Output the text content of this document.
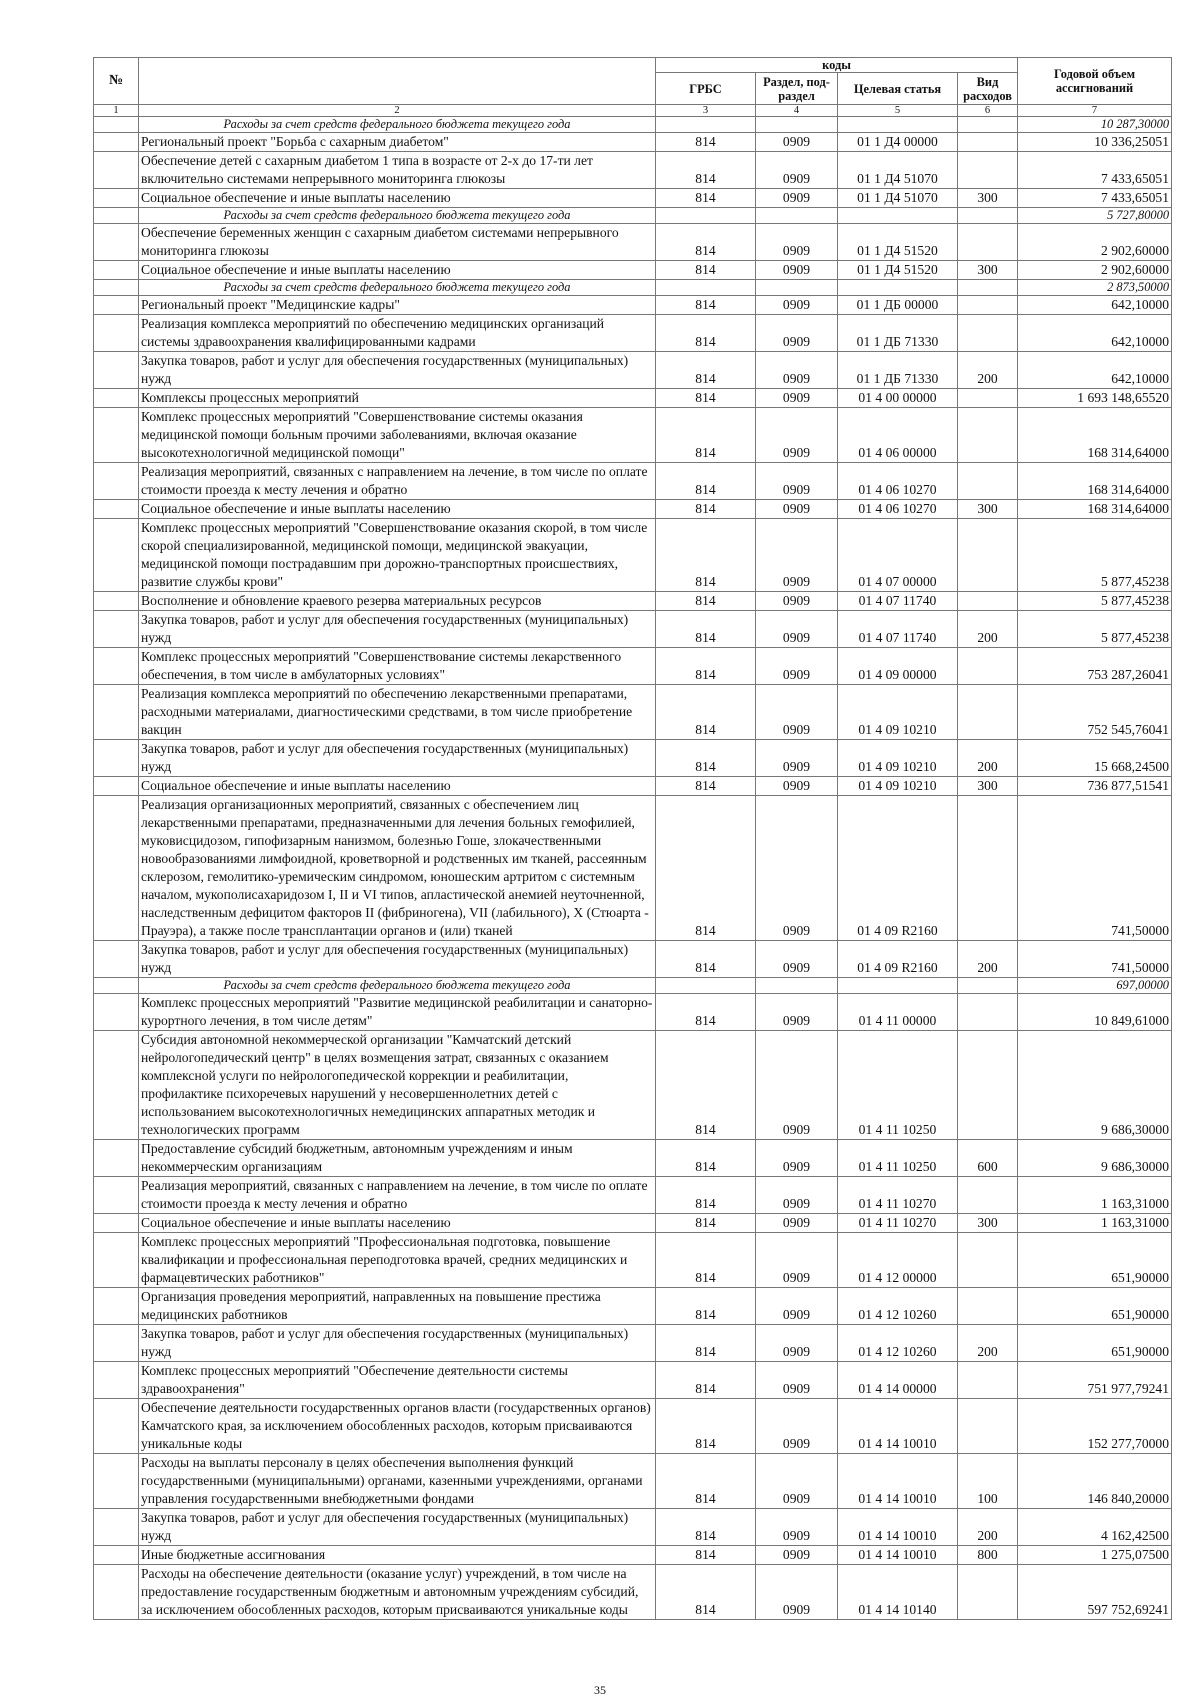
№		коды				Годовой объем ассигнований
		ГРБС	Раздел, под-раздел	Целевая статья	Вид расходов	
1	2	3	4	5	6	7
	Расходы за счет средств федерального бюджета текущего года					10 287,30000
	Региональный проект "Борьба с сахарным диабетом"	814	0909	01 1 Д4 00000		10 336,25051
	Обеспечение детей с сахарным диабетом 1 типа в возрасте от 2-х до 17-ти лет включительно системами непрерывного мониторинга глюкозы	814	0909	01 1 Д4 51070		7 433,65051
	Социальное обеспечение и иные выплаты населению	814	0909	01 1 Д4 51070	300	7 433,65051
	Расходы за счет средств федерального бюджета текущего года					5 727,80000
	Обеспечение беременных женщин с сахарным диабетом системами непрерывного мониторинга глюкозы	814	0909	01 1 Д4 51520		2 902,60000
	Социальное обеспечение и иные выплаты населению	814	0909	01 1 Д4 51520	300	2 902,60000
	Расходы за счет средств федерального бюджета текущего года					2 873,50000
	Региональный проект "Медицинские кадры"	814	0909	01 1 ДБ 00000		642,10000
	Реализация комплекса мероприятий по обеспечению медицинских организаций системы здравоохранения квалифицированными кадрами	814	0909	01 1 ДБ 71330		642,10000
	Закупка товаров, работ и услуг для обеспечения государственных (муниципальных) нужд	814	0909	01 1 ДБ 71330	200	642,10000
	Комплексы процессных мероприятий	814	0909	01 4 00 00000		1 693 148,65520
	Комплекс процессных мероприятий "Совершенствование системы оказания медицинской помощи больным прочими заболеваниями, включая оказание высокотехнологичной медицинской помощи"	814	0909	01 4 06 00000		168 314,64000
	Реализация мероприятий, связанных с направлением на лечение, в том числе по оплате стоимости проезда к месту лечения и обратно	814	0909	01 4 06 10270		168 314,64000
	Социальное обеспечение и иные выплаты населению	814	0909	01 4 06 10270	300	168 314,64000
	Комплекс процессных мероприятий "Совершенствование оказания скорой, в том числе скорой специализированной, медицинской помощи, медицинской эвакуации, медицинской помощи пострадавшим при дорожно-транспортных происшествиях, развитие службы крови"	814	0909	01 4 07 00000		5 877,45238
	Восполнение и обновление краевого резерва материальных ресурсов	814	0909	01 4 07 11740		5 877,45238
	Закупка товаров, работ и услуг для обеспечения государственных (муниципальных) нужд	814	0909	01 4 07 11740	200	5 877,45238
	Комплекс процессных мероприятий "Совершенствование системы лекарственного обеспечения, в том числе в амбулаторных условиях"	814	0909	01 4 09 00000		753 287,26041
	Реализация комплекса мероприятий по обеспечению лекарственными препаратами, расходными материалами, диагностическими средствами, в том числе приобретение вакцин	814	0909	01 4 09 10210		752 545,76041
	Закупка товаров, работ и услуг для обеспечения государственных (муниципальных) нужд	814	0909	01 4 09 10210	200	15 668,24500
	Социальное обеспечение и иные выплаты населению	814	0909	01 4 09 10210	300	736 877,51541
	Реализация организационных мероприятий, связанных с обеспечением лиц лекарственными препаратами, предназначенными для лечения больных гемофилией, муковисцидозом, гипофизарным нанизмом, болезнью Гоше, злокачественными новообразованиями лимфоидной, кроветворной и родственных им тканей, рассеянным склерозом, гемолитико-уремическим синдромом, юношеским артритом с системным началом, мукополисахаридозом I, II и VI типов, апластической анемией неуточненной, наследственным дефицитом факторов II (фибриногена), VII (лабильного), X (Стюарта - Прауэра), а также после трансплантации органов и (или) тканей	814	0909	01 4 09 R2160		741,50000
	Закупка товаров, работ и услуг для обеспечения государственных (муниципальных) нужд	814	0909	01 4 09 R2160	200	741,50000
	Расходы за счет средств федерального бюджета текущего года					697,00000
	Комплекс процессных мероприятий "Развитие медицинской реабилитации и санаторно-курортного лечения, в том числе детям"	814	0909	01 4 11 00000		10 849,61000
	Субсидия автономной некоммерческой организации "Камчатский детский нейрологопедический центр" в целях возмещения затрат, связанных с оказанием комплексной услуги по нейрологопедической коррекции и реабилитации, профилактике психоречевых нарушений у несовершеннолетних детей с использованием высокотехнологичных немедицинских аппаратных методик и технологических программ	814	0909	01 4 11 10250		9 686,30000
	Предоставление субсидий бюджетным, автономным учреждениям и иным некоммерческим организациям	814	0909	01 4 11 10250	600	9 686,30000
	Реализация мероприятий, связанных с направлением на лечение, в том числе по оплате стоимости проезда к месту лечения и обратно	814	0909	01 4 11 10270		1 163,31000
	Социальное обеспечение и иные выплаты населению	814	0909	01 4 11 10270	300	1 163,31000
	Комплекс процессных мероприятий "Профессиональная подготовка, повышение квалификации и профессиональная переподготовка врачей, средних медицинских и фармацевтических работников"	814	0909	01 4 12 00000		651,90000
	Организация проведения мероприятий, направленных на повышение престижа медицинских работников	814	0909	01 4 12 10260		651,90000
	Закупка товаров, работ и услуг для обеспечения государственных (муниципальных) нужд	814	0909	01 4 12 10260	200	651,90000
	Комплекс процессных мероприятий "Обеспечение деятельности системы здравоохранения"	814	0909	01 4 14 00000		751 977,79241
	Обеспечение деятельности государственных органов власти (государственных органов) Камчатского края, за исключением обособленных расходов, которым присваиваются уникальные коды	814	0909	01 4 14 10010		152 277,70000
	Расходы на выплаты персоналу в целях обеспечения выполнения функций государственными (муниципальными) органами, казенными учреждениями, органами управления государственными внебюджетными фондами	814	0909	01 4 14 10010	100	146 840,20000
	Закупка товаров, работ и услуг для обеспечения государственных (муниципальных) нужд	814	0909	01 4 14 10010	200	4 162,42500
	Иные бюджетные ассигнования	814	0909	01 4 14 10010	800	1 275,07500
	Расходы на обеспечение деятельности (оказание услуг) учреждений, в том числе на предоставление государственным бюджетным и автономным учреждениям субсидий, за исключением обособленных расходов, которым присваиваются уникальные коды	814	0909	01 4 14 10140		597 752,69241
35
